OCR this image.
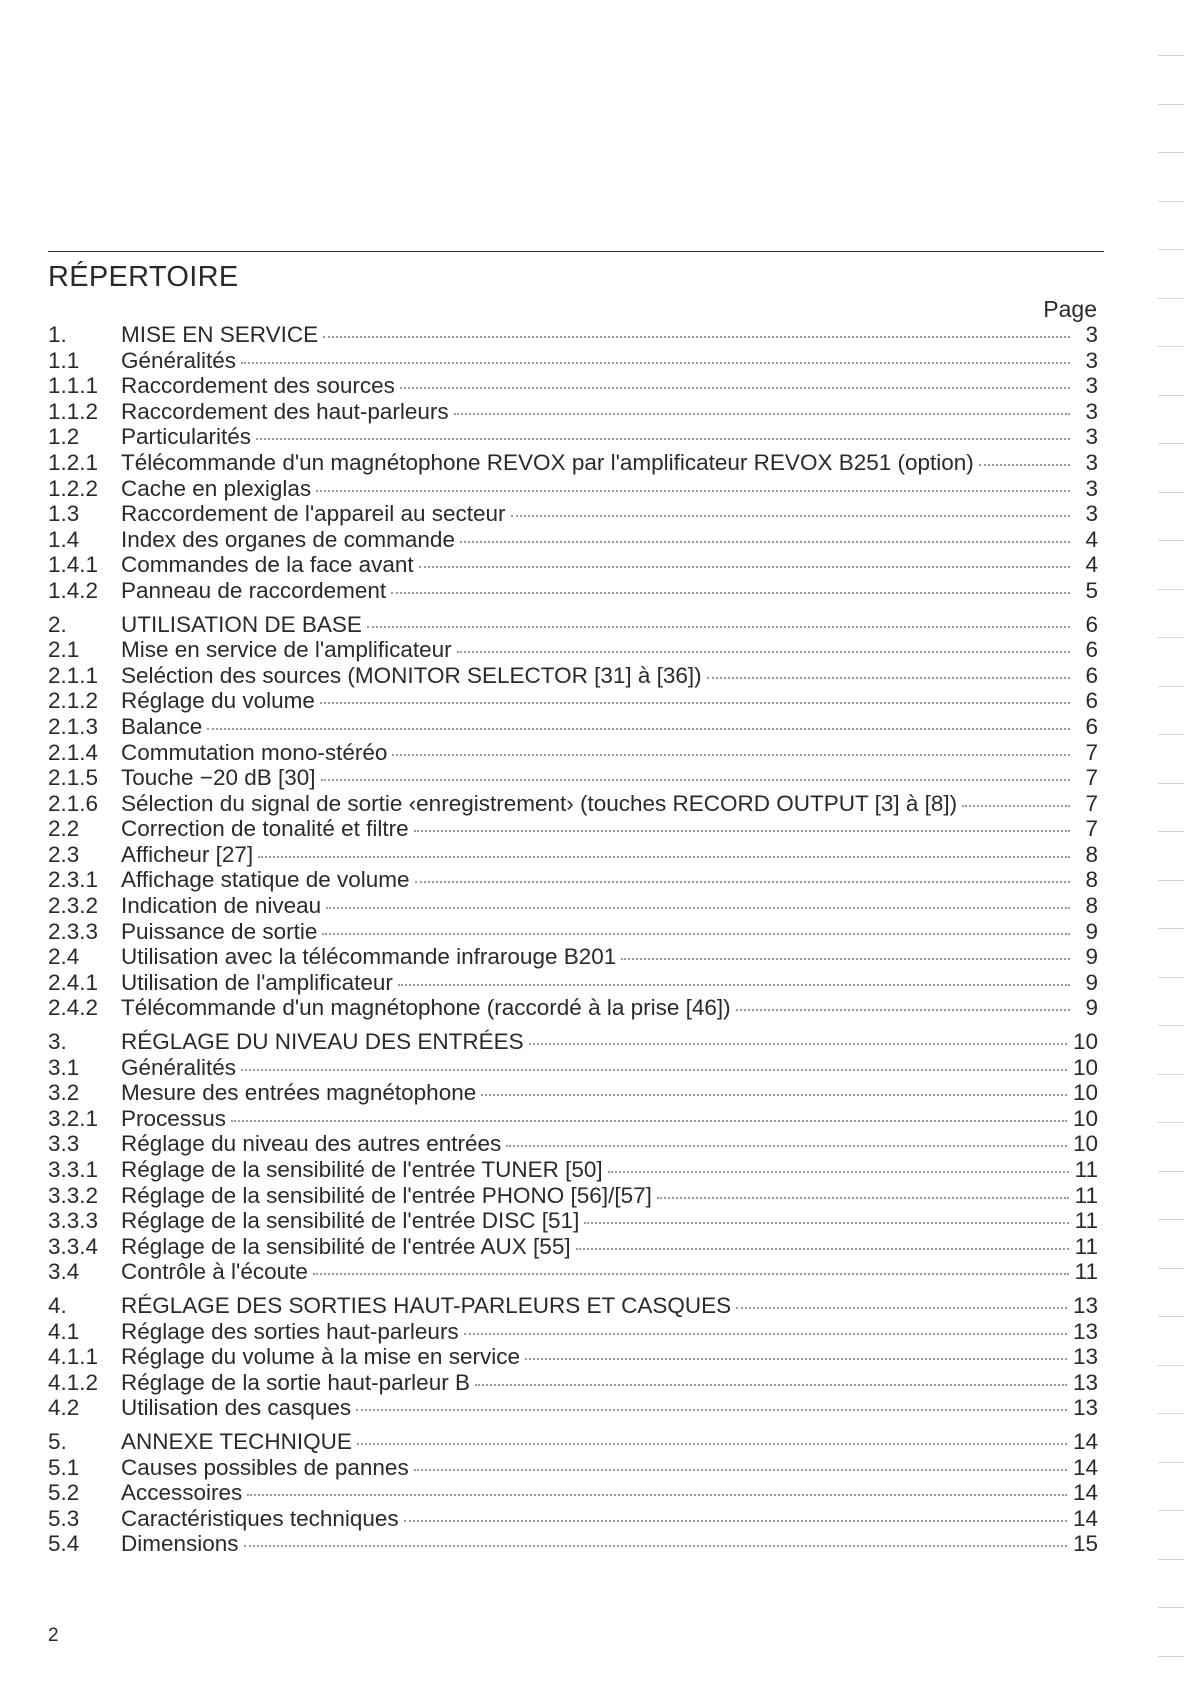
RÉPERTOIRE
Page
1.	MISE EN SERVICE	3
1.1	Généralités	3
1.1.1	Raccordement des sources	3
1.1.2	Raccordement des haut-parleurs	3
1.2	Particularités	3
1.2.1	Télécommande d'un magnétophone REVOX par l'amplificateur REVOX B251 (option)	3
1.2.2	Cache en plexiglas	3
1.3	Raccordement de l'appareil au secteur	3
1.4	Index des organes de commande	4
1.4.1	Commandes de la face avant	4
1.4.2	Panneau de raccordement	5
2.	UTILISATION DE BASE	6
2.1	Mise en service de l'amplificateur	6
2.1.1	Seléction des sources (MONITOR SELECTOR [31] à [36])	6
2.1.2	Réglage du volume	6
2.1.3	Balance	6
2.1.4	Commutation mono-stéréo	7
2.1.5	Touche −20 dB [30]	7
2.1.6	Sélection du signal de sortie ‹enregistrement› (touches RECORD OUTPUT [3] à [8])	7
2.2	Correction de tonalité et filtre	7
2.3	Afficheur [27]	8
2.3.1	Affichage statique de volume	8
2.3.2	Indication de niveau	8
2.3.3	Puissance de sortie	9
2.4	Utilisation avec la télécommande infrarouge B201	9
2.4.1	Utilisation de l'amplificateur	9
2.4.2	Télécommande d'un magnétophone (raccordé à la prise [46])	9
3.	RÉGLAGE DU NIVEAU DES ENTRÉES	10
3.1	Généralités	10
3.2	Mesure des entrées magnétophone	10
3.2.1	Processus	10
3.3	Réglage du niveau des autres entrées	10
3.3.1	Réglage de la sensibilité de l'entrée TUNER [50]	11
3.3.2	Réglage de la sensibilité de l'entrée PHONO [56]/[57]	11
3.3.3	Réglage de la sensibilité de l'entrée DISC [51]	11
3.3.4	Réglage de la sensibilité de l'entrée AUX [55]	11
3.4	Contrôle à l'écoute	11
4.	RÉGLAGE DES SORTIES HAUT-PARLEURS ET CASQUES	13
4.1	Réglage des sorties haut-parleurs	13
4.1.1	Réglage du volume à la mise en service	13
4.1.2	Réglage de la sortie haut-parleur B	13
4.2	Utilisation des casques	13
5.	ANNEXE TECHNIQUE	14
5.1	Causes possibles de pannes	14
5.2	Accessoires	14
5.3	Caractéristiques techniques	14
5.4	Dimensions	15
2
